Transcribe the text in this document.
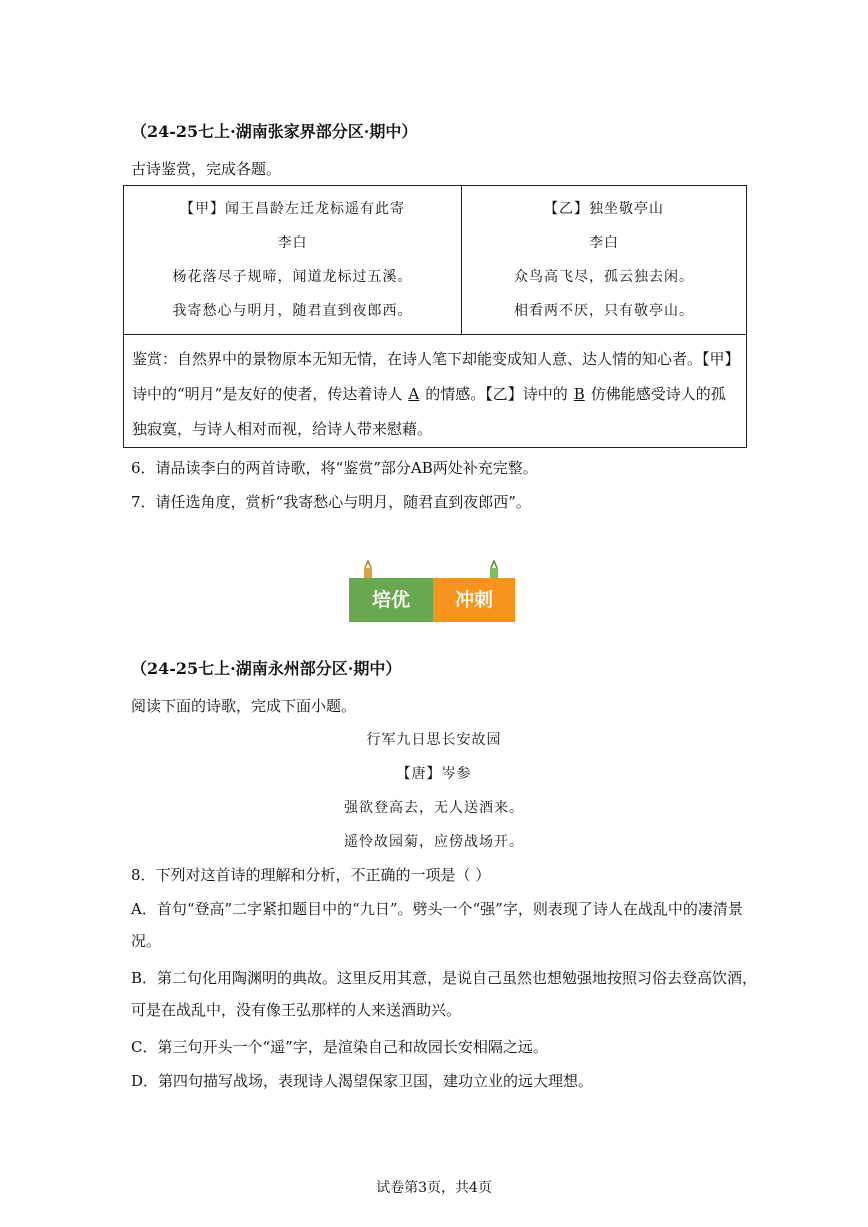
（24-25七上·湖南张家界部分区·期中）
古诗鉴赏，完成各题。
【甲】闻王昌龄左迁龙标遥有此寄
李白
杨花落尽子规啼，闻道龙标过五溪。
我寄愁心与明月，随君直到夜郎西。
【乙】独坐敬亭山
李白
众鸟高飞尽，孤云独去闲。
相看两不厌，只有敬亭山。
鉴赏：自然界中的景物原本无知无情，在诗人笔下却能变成知人意、达人情的知心者。【甲】诗中的“明月”是友好的使者，传达着诗人 A 的情感。【乙】诗中的 B 仿佛能感受诗人的孤独寂寞，与诗人相对而视，给诗人带来慰藉。
6．请品读李白的两首诗歌，将“鉴赏”部分AB两处补充完整。
7．请任选角度，赏析“我寄愁心与明月，随君直到夜郎西”。
培优	冲刺
（24-25七上·湖南永州部分区·期中）
阅读下面的诗歌，完成下面小题。
行军九日思长安故园
【唐】岑参
强欲登高去，无人送酒来。
遥怜故园菊，应傍战场开。
8．下列对这首诗的理解和分析，不正确的一项是（ ）
A．首句“登高”二字紧扣题目中的“九日”。劈头一个“强”字，则表现了诗人在战乱中的凄清景况。
B．第二句化用陶渊明的典故。这里反用其意，是说自己虽然也想勉强地按照习俗去登高饮酒，可是在战乱中，没有像王弘那样的人来送酒助兴。
C．第三句开头一个“遥”字，是渲染自己和故园长安相隔之远。
D．第四句描写战场，表现诗人渴望保家卫国，建功立业的远大理想。
试卷第3页，共4页
